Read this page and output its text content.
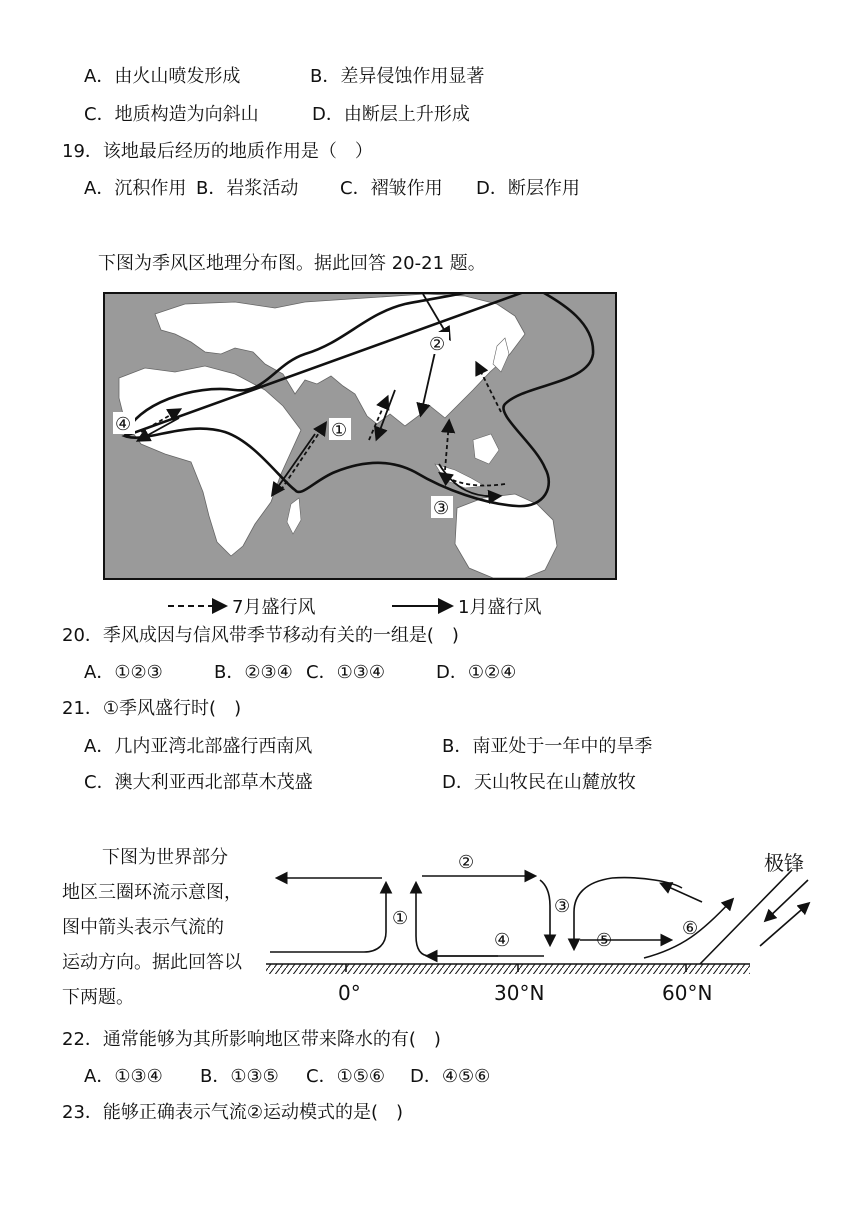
A．由火山喷发形成	B．差异侵蚀作用显著
C．地质构造为向斜山	D．由断层上升形成
19．该地最后经历的地质作用是（　）
A．沉积作用 B．岩浆活动 C．褶皱作用 D．断层作用
下图为季风区地理分布图。据此回答 20-21 题。
①
②
③
④
7月盛行风	1月盛行风
20．季风成因与信风带季节移动有关的一组是(　)
A．①②③	B．②③④ C．①③④	D．①②④
21．①季风盛行时(　)
A．几内亚湾北部盛行西南风	B．南亚处于一年中的旱季
C．澳大利亚西北部草木茂盛	D．天山牧民在山麓放牧
下图为世界部分
地区三圈环流示意图，
图中箭头表示气流的
运动方向。据此回答以
下两题。
①
②
③
④	⑤
⑥
极锋
0°	30°N	60°N
22．通常能够为其所影响地区带来降水的有(　)
A．①③④ B．①③⑤ C．①⑤⑥ D．④⑤⑥
23．能够正确表示气流②运动模式的是(　)
